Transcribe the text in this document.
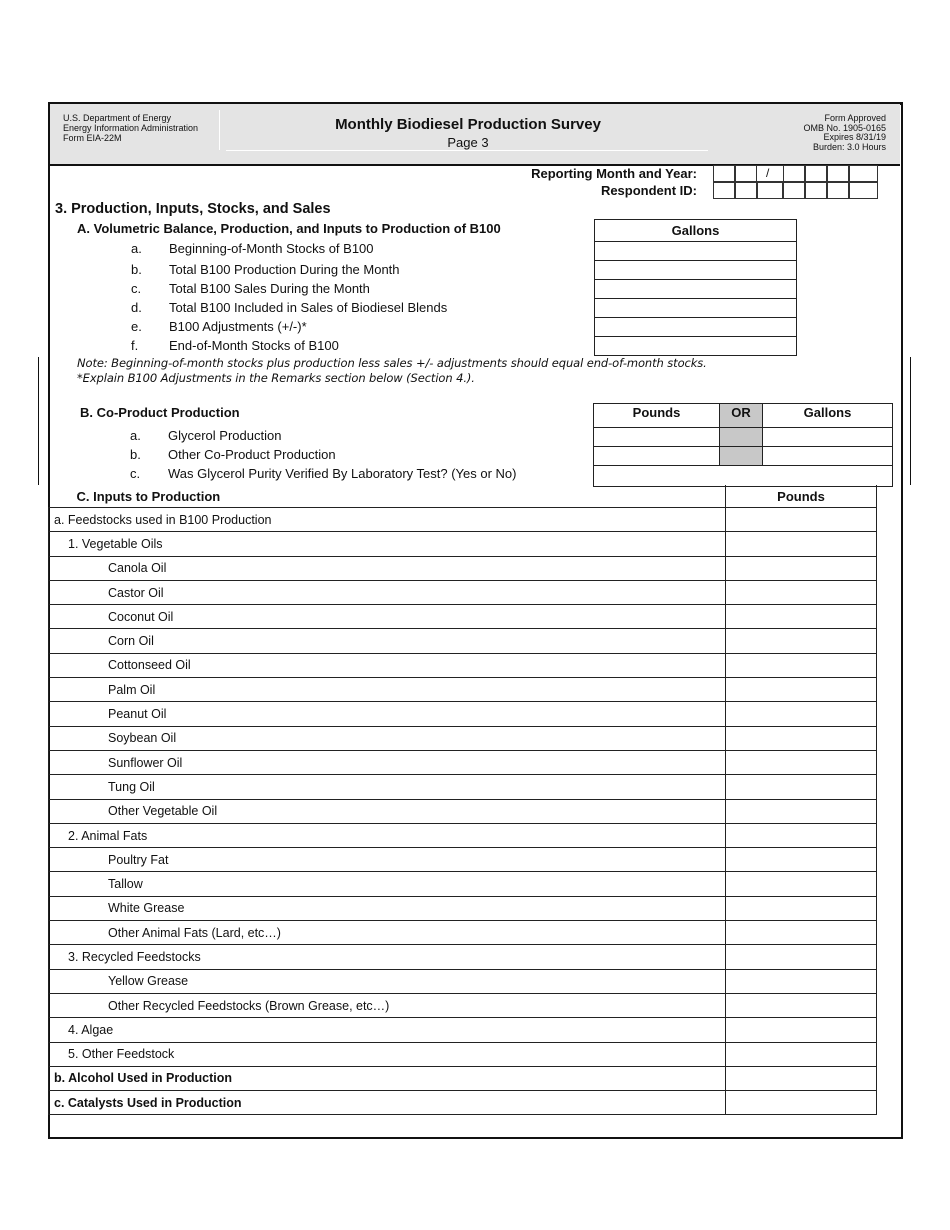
U.S. Department of Energy
Energy Information Administration
Form EIA-22M
Monthly Biodiesel Production Survey
Page 3
Form Approved
OMB No. 1905-0165
Expires 8/31/19
Burden: 3.0 Hours
Reporting Month and Year:
Respondent ID:
/
3. Production, Inputs, Stocks, and Sales
A. Volumetric Balance, Production, and Inputs to Production of B100
a. Beginning-of-Month Stocks of B100
b. Total B100 Production During the Month
c. Total B100 Sales During the Month
d. Total B100 Included in Sales of Biodiesel Blends
e. B100 Adjustments (+/-)*
f. End-of-Month Stocks of B100
Gallons

Note: Beginning-of-month stocks plus production less sales +/- adjustments should equal end-of-month stocks.
*Explain B100 Adjustments in the Remarks section below (Section 4.).
B. Co-Product Production
a. Glycerol Production
b. Other Co-Product Production
c. Was Glycerol Purity Verified By Laboratory Test? (Yes or No)
Pounds	OR	Gallons

C. Inputs to Production	Pounds
a. Feedstocks used in B100 Production	
1. Vegetable Oils	
Canola Oil	
Castor Oil	
Coconut Oil	
Corn Oil	
Cottonseed Oil	
Palm Oil	
Peanut Oil	
Soybean Oil	
Sunflower Oil	
Tung Oil	
Other Vegetable Oil	
2. Animal Fats	
Poultry Fat	
Tallow	
White Grease	
Other Animal Fats (Lard, etc…)	
3. Recycled Feedstocks	
Yellow Grease	
Other Recycled Feedstocks (Brown Grease, etc…)	
4. Algae	
5. Other Feedstock	
b. Alcohol Used in Production	
c. Catalysts Used in Production	
